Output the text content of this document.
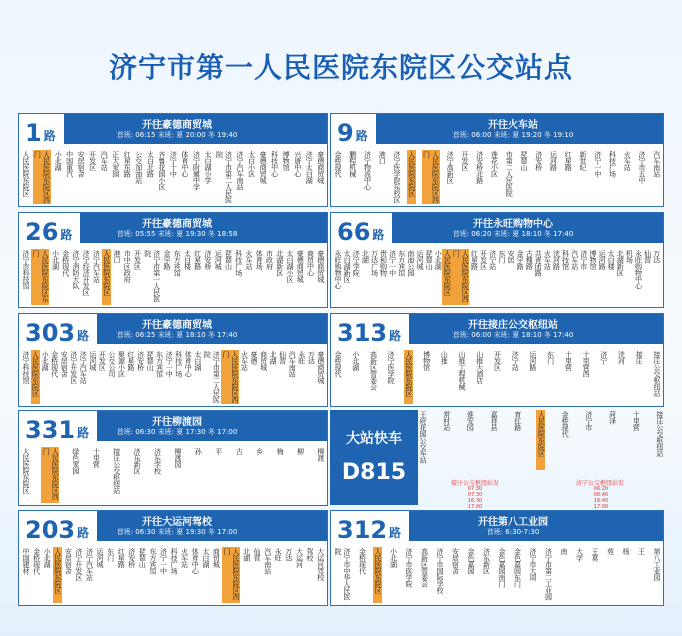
济宁市第一人民医院东院区公交站点
1 路
开往豪德商贸城
首班: 06:15 末班: 夏 20:00 冬 19:40
人民医院东院区	人民医院东院区西门	小北湖 中国重汽 安居宿舍 开发区 汽车站 正大家园 红星东路 公交加油站 太白北路 齐鲁花园小区 济宁十中 体育中心 济宁附属中学 太白湖小学	济宁市第二人民医院	济宁汽车南站 太白小区 豪德商贸城 科技中心 博物馆 兴唐中心 济宁太白湖 豪德商贸城
9 路
开往火车站
首班: 06:00 末班: 夏 19:20 冬 19:10
金桥现代 鹏程机械 济宁物流中心 港口 济宁医学院东校区 人民医院东院区	人民医院东院区西门	济宁高新区 开发区 济安桥北路 莲花小区 市第二人民医院 琵琶山 济安桥 运河路 红星路 新世纪 济宁一中 科技广场 火车站 济宁市五中 汽车南站
26 路
开往豪德商贸城
首班: 05:55 末班: 夏 19:30 冬 18:58
济宁市科技馆	人民医院东院区东门	小北湖 金桥现代 济宁消防大队 济宁经济开发区 济宁汽车站 人民医院东院区 港口 市中区政府 开发区	济宁市第一人民医院	金宇路 东方宾馆 太白楼 红星路 济安桥 运河城 琵琶山 科技广场 火车站 体育场 市政府 北湖新区 太白湖小区 豪德商贸城 商贸中心 豪德商贸城
66 路
开往永旺购物中心
首班: 06:20 末班: 夏 18:10 冬 17:40
永旺购物中心 太白湖新区 济宁学院 北湖 万达广场 贵和购物 济宁一中 东方宾馆 南池公园 运河城 琵琶山 小北湖 人民医院东院区	人民医院东院区西门	红星路 开发区 济宁站 东门 安居 金宇路 古槐路 共青团路 火车站 洸河路 科技馆 汽车站 济宁市 博物馆 运河路 太白楼 北湖新区 机场 永旺购物中心 仙营 万达
303 路
开往豪德商贸城
首班: 06:25 末班: 夏 18:10 冬 17:40
济宁科技馆 人民医院东院区 小北湖 金桥现代 安居宿舍 济宁开发区 济宁汽车站 运河城 开发区 公交公司 聚源小区 红星路 济安桥 琵琶山 东方宾馆 济宁一中 科技广场 体育中心 太白湖	济宁市第二人民医院	人民医院东院区西门	火车站 豪德 商贸城 北湖 仙营 汽车南站 永旺 万达 豪德商贸城
313 路
开往接庄公交枢纽站
首班: 06:00 末班: 夏 18:10 冬 17:40
金桥现代 小北湖 高新区管委会 济宁医学院 人民医院东院区 博物馆 山推 山推工程机械 山推大酒店 开发区 济宁站 运河路 东门 十里营 十里营西 济宁 洸河 接庄 接庄公交枢纽站
331 路
开往柳渡园
首班: 06:30 末班: 夏 17:30 冬 17:00
人民医院东院区	人民医院东院区西门	绿色家园 十里营 接庄公交枢纽站 济东新区 济东学校 柳渡园 孙 平 古 乡 梅 柳 柳渡
203 路
开往大运河驾校
首班: 06:30 末班: 夏 19:30 冬 17:00
中国建材 金桥现代 小北湖 人民医院东院区 安居宿舍 济宁开发区 济宁汽车站 运河城 东门 红星路 济安桥 琵琶山 东方宾馆 济宁一中 科技广场 火车站 体育中心 太白湖 商贸城	人民医院东院区西门	北湖 仙营 汽车南站 永旺 万达 大运河 驾校 大运河驾校
312 路
开往第八工业园
首班: 6:30-7:30
济宁市中华人民医院	金桥现代 人民医院东院区 小北湖 济宁市医学院 高新区管委会 济宁市国际学校 安居宿舍 金色嘉园 济东新区 金色嘉园南门 金色嘉园东门 济宁市大周 济宁市第二工业园 南 大学 王莫 苑 杨 王 第八工业园
大站快车
D815
王府花园公交车站 常村站 淮安园 嘉祥县 育红路 人民医院东院区 金桥现代 济宁市 菏泽 十里营 接庄公交枢纽站
接庄公交枢纽站发	济宁公交枢纽站发
07:30
07:30
16:30
17:00
06:20
06:40
16:40
17:00
